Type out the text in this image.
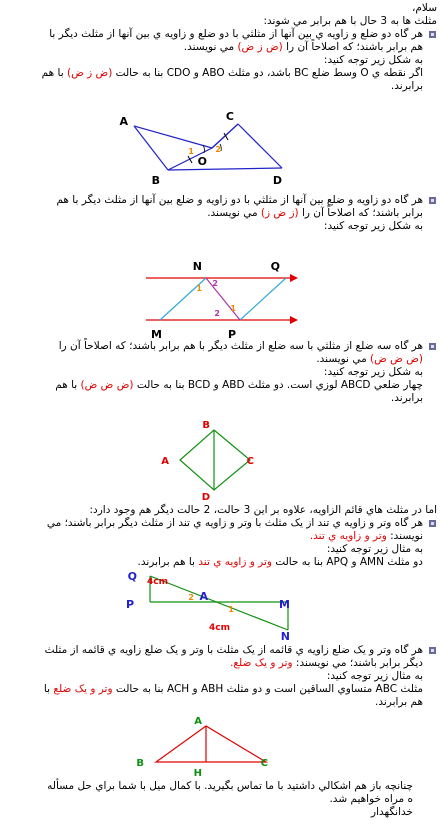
سلام،
مثلث ها به 3 حال با هم برابر مي شوند:
هر گاه دو ضلع و زاويه ي بين آنها از مثلثي با دو ضلع و زاويه ي بين آنها از مثلث ديگر با
هم برابر باشند؛ که اصلاحاً آن را (ض ز ض) مي نويسند.
به شکل زير توجه کنيد:
اگر نقطه ي O وسط ضلع BC باشد، دو مثلث ABO و CDO بنا به حالت (ض ز ض) با هم
برابرند.
A
B
C
D
O
1	2
هر گاه دو زاويه و ضلع بين آنها از مثلثي با دو زاويه و ضلع بين آنها از مثلث ديگر با هم
برابر باشند؛ که اصلاحاً آن را (ز ض ز) مي نويسند.
به شکل زير توجه کنيد:
N	Q
M	P
1
2
2
1
هر گاه سه ضلع از مثلثي با سه ضلع از مثلث ديگر با هم برابر باشند؛ که اصلاحاً آن را
(ض ض ض) مي نويسند.
به شکل زير توجه کنيد:
چهار ضلعي ABCD لوزي است. دو مثلث ABD و BCD بنا به حالت (ض ض ض) با هم
برابرند.
B
A	C
D
اما در مثلث هاي قائم الزاويه، علاوه بر اين 3 حالت، 2 حالت ديگر هم وجود دارد:
هر گاه وتر و زاويه ي تند از يک مثلث با وتر و زاويه ي تند از مثلث ديگر برابر باشند؛ مي
نويسند: وتر و زاويه ي تند.
به مثال زير توجه کنيد:
دو مثلث AMN و APQ بنا به حالت وتر و زاويه ي تند با هم برابرند.
Q
P
A
M
N
4cm
4cm
2
1
هر گاه وتر و يک ضلع زاويه ي قائمه از يک مثلث با وتر و يک ضلع زاويه ي قائمه از مثلث
ديگر برابر باشند؛ مي نويسند: وتر و يک ضلع.
به مثال زير توجه کنيد:
مثلث ABC متساوي الساقين است و دو مثلث ABH و ACH بنا به حالت وتر و يک ضلع با
هم برابرند.
A
B	C
H
چنانچه باز هم اشکالي داشتيد با ما تماس بگيريد. با کمال ميل با شما براي حل مسأله
ه مراه خواهيم شد.
خدانگهدار
